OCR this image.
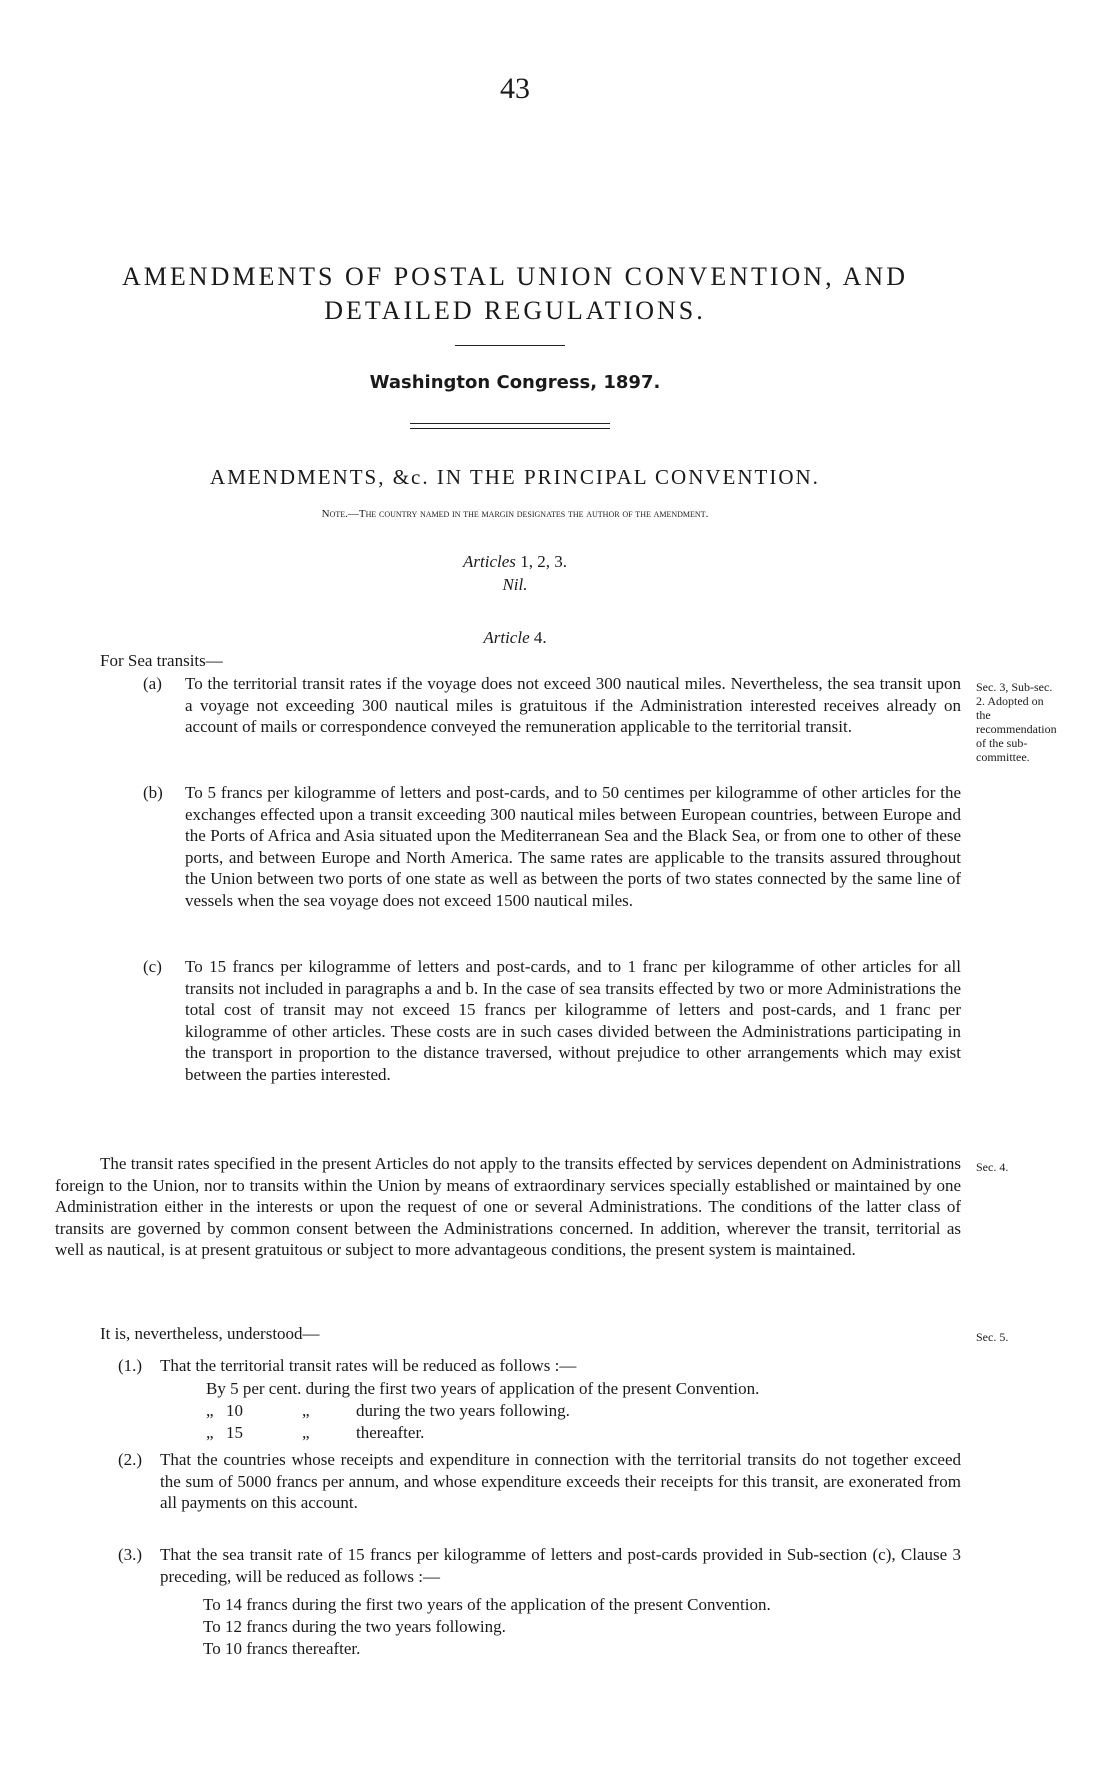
43
AMENDMENTS OF POSTAL UNION CONVENTION, AND DETAILED REGULATIONS.
Washington Congress, 1897.
AMENDMENTS, &c. IN THE PRINCIPAL CONVENTION.
Note.—The country named in the margin designates the author of the amendment.
Articles 1, 2, 3.
Nil.
Article 4.
For Sea transits—
(a) To the territorial transit rates if the voyage does not exceed 300 nautical miles. Nevertheless, the sea transit upon a voyage not exceeding 300 nautical miles is gratuitous if the Administration interested receives already on account of mails or correspondence conveyed the remuneration applicable to the territorial transit.
(b) To 5 francs per kilogramme of letters and post-cards, and to 50 centimes per kilogramme of other articles for the exchanges effected upon a transit exceeding 300 nautical miles between European countries, between Europe and the Ports of Africa and Asia situated upon the Mediterranean Sea and the Black Sea, or from one to other of these ports, and between Europe and North America. The same rates are applicable to the transits assured throughout the Union between two ports of one state as well as between the ports of two states connected by the same line of vessels when the sea voyage does not exceed 1500 nautical miles.
(c) To 15 francs per kilogramme of letters and post-cards, and to 1 franc per kilogramme of other articles for all transits not included in paragraphs a and b. In the case of sea transits effected by two or more Administrations the total cost of transit may not exceed 15 francs per kilogramme of letters and post-cards, and 1 franc per kilogramme of other articles. These costs are in such cases divided between the Administrations participating in the transport in proportion to the distance traversed, without prejudice to other arrangements which may exist between the parties interested.
Sec. 3, Sub-sec. 2. Adopted on the recommendation of the sub-committee.
The transit rates specified in the present Articles do not apply to the transits effected by services dependent on Administrations foreign to the Union, nor to transits within the Union by means of extraordinary services specially established or maintained by one Administration either in the interests or upon the request of one or several Administrations. The conditions of the latter class of transits are governed by common consent between the Administrations concerned. In addition, wherever the transit, territorial as well as nautical, is at present gratuitous or subject to more advantageous conditions, the present system is maintained.
Sec. 4.
It is, nevertheless, understood—	Sec. 5.
(1.) That the territorial transit rates will be reduced as follows :—
By 5 per cent. during the first two years of application of the present Convention.
„ 10	„	during the two years following.
„ 15	„	thereafter.
(2.) That the countries whose receipts and expenditure in connection with the territorial transits do not together exceed the sum of 5000 francs per annum, and whose expenditure exceeds their receipts for this transit, are exonerated from all payments on this account.
(3.) That the sea transit rate of 15 francs per kilogramme of letters and post-cards provided in Sub-section (c), Clause 3 preceding, will be reduced as follows :—
To 14 francs during the first two years of the application of the present Convention.
To 12 francs during the two years following.
To 10 francs thereafter.
